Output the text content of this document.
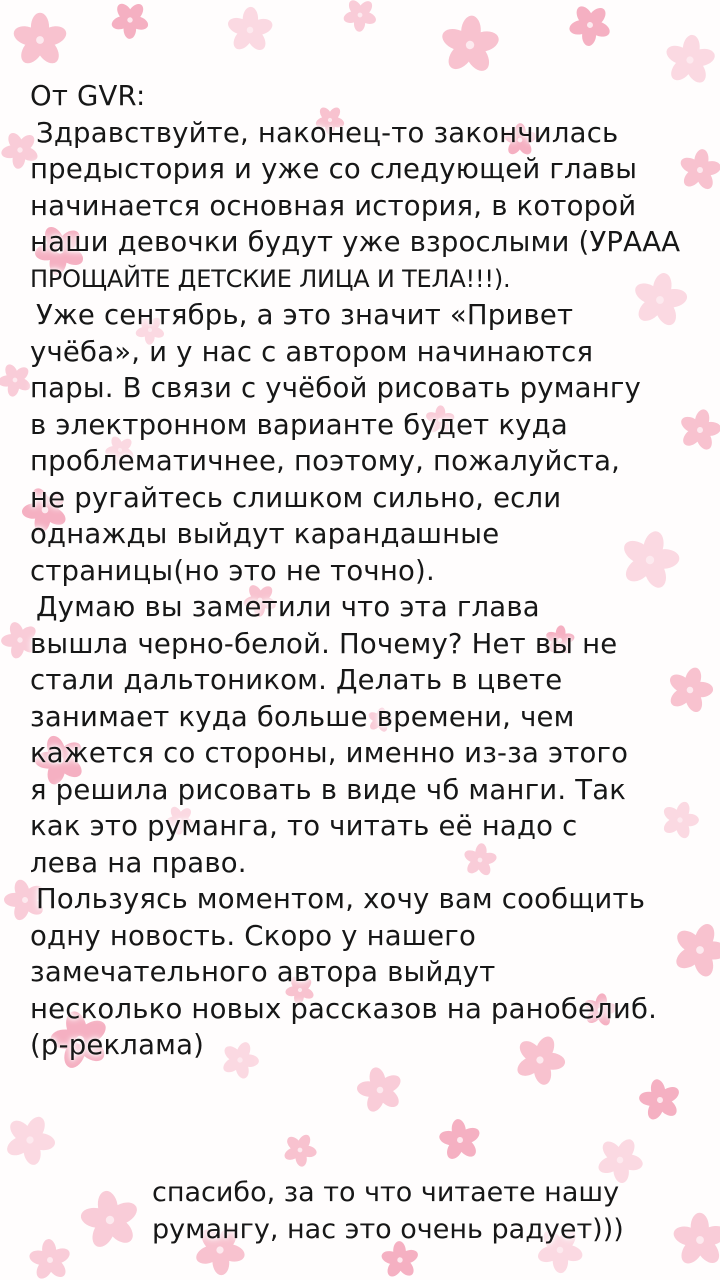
От GVR:
Здравствуйте, наконец-то закончилась
предыстория и уже со следующей главы
начинается основная история, в которой
наши девочки будут уже взрослыми (УРААА
ПРОЩАЙТЕ ДЕТСКИЕ ЛИЦА И ТЕЛА!!!).
Уже сентябрь, а это значит «Привет
учёба», и у нас с автором начинаются
пары. В связи с учёбой рисовать румангу
в электронном варианте будет куда
проблематичнее, поэтому, пожалуйста,
не ругайтесь слишком сильно, если
однажды выйдут карандашные
страницы(но это не точно).
Думаю вы заметили что эта глава
вышла черно-белой. Почему? Нет вы не
стали дальтоником. Делать в цвете
занимает куда больше времени, чем
кажется со стороны, именно из-за этого
я решила рисовать в виде чб манги. Так
как это руманга, то читать её надо с
лева на право.
Пользуясь моментом, хочу вам сообщить
одну новость. Скоро у нашего
замечательного автора выйдут
несколько новых рассказов на ранобелиб.
(р-реклама)
спасибо, за то что читаете нашу
румангу, нас это очень радует)))
